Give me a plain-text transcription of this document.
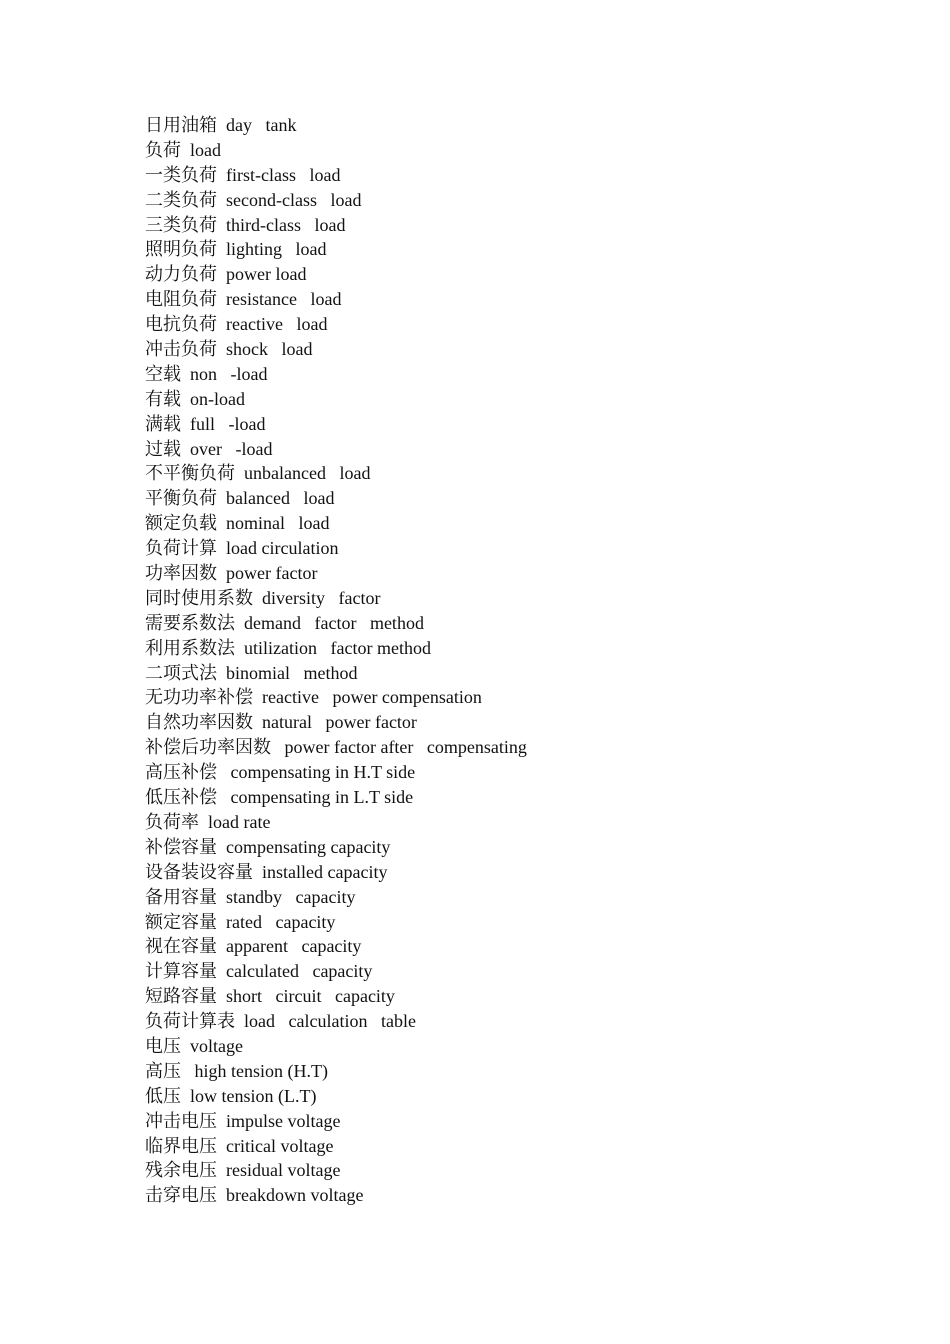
日用油箱  day   tank
负荷  load
一类负荷  first-class   load
二类负荷  second-class   load
三类负荷  third-class   load
照明负荷  lighting   load
动力负荷  power load
电阻负荷  resistance   load
电抗负荷  reactive   load
冲击负荷  shock   load
空载  non   -load
有载  on-load
满载  full   -load
过载  over   -load
不平衡负荷  unbalanced   load
平衡负荷  balanced   load
额定负载  nominal   load
负荷计算  load circulation
功率因数  power factor
同时使用系数  diversity   factor
需要系数法  demand   factor   method
利用系数法  utilization   factor method
二项式法  binomial   method
无功功率补偿  reactive   power compensation
自然功率因数  natural   power factor
补偿后功率因数   power factor after   compensating
高压补偿   compensating in H.T side
低压补偿   compensating in L.T side
负荷率  load rate
补偿容量  compensating capacity
设备装设容量  installed capacity
备用容量  standby   capacity
额定容量  rated   capacity
视在容量  apparent   capacity
计算容量  calculated   capacity
短路容量  short   circuit   capacity
负荷计算表  load   calculation   table
电压  voltage
高压   high tension (H.T)
低压  low tension (L.T)
冲击电压  impulse voltage
临界电压  critical voltage
残余电压  residual voltage
击穿电压  breakdown voltage
